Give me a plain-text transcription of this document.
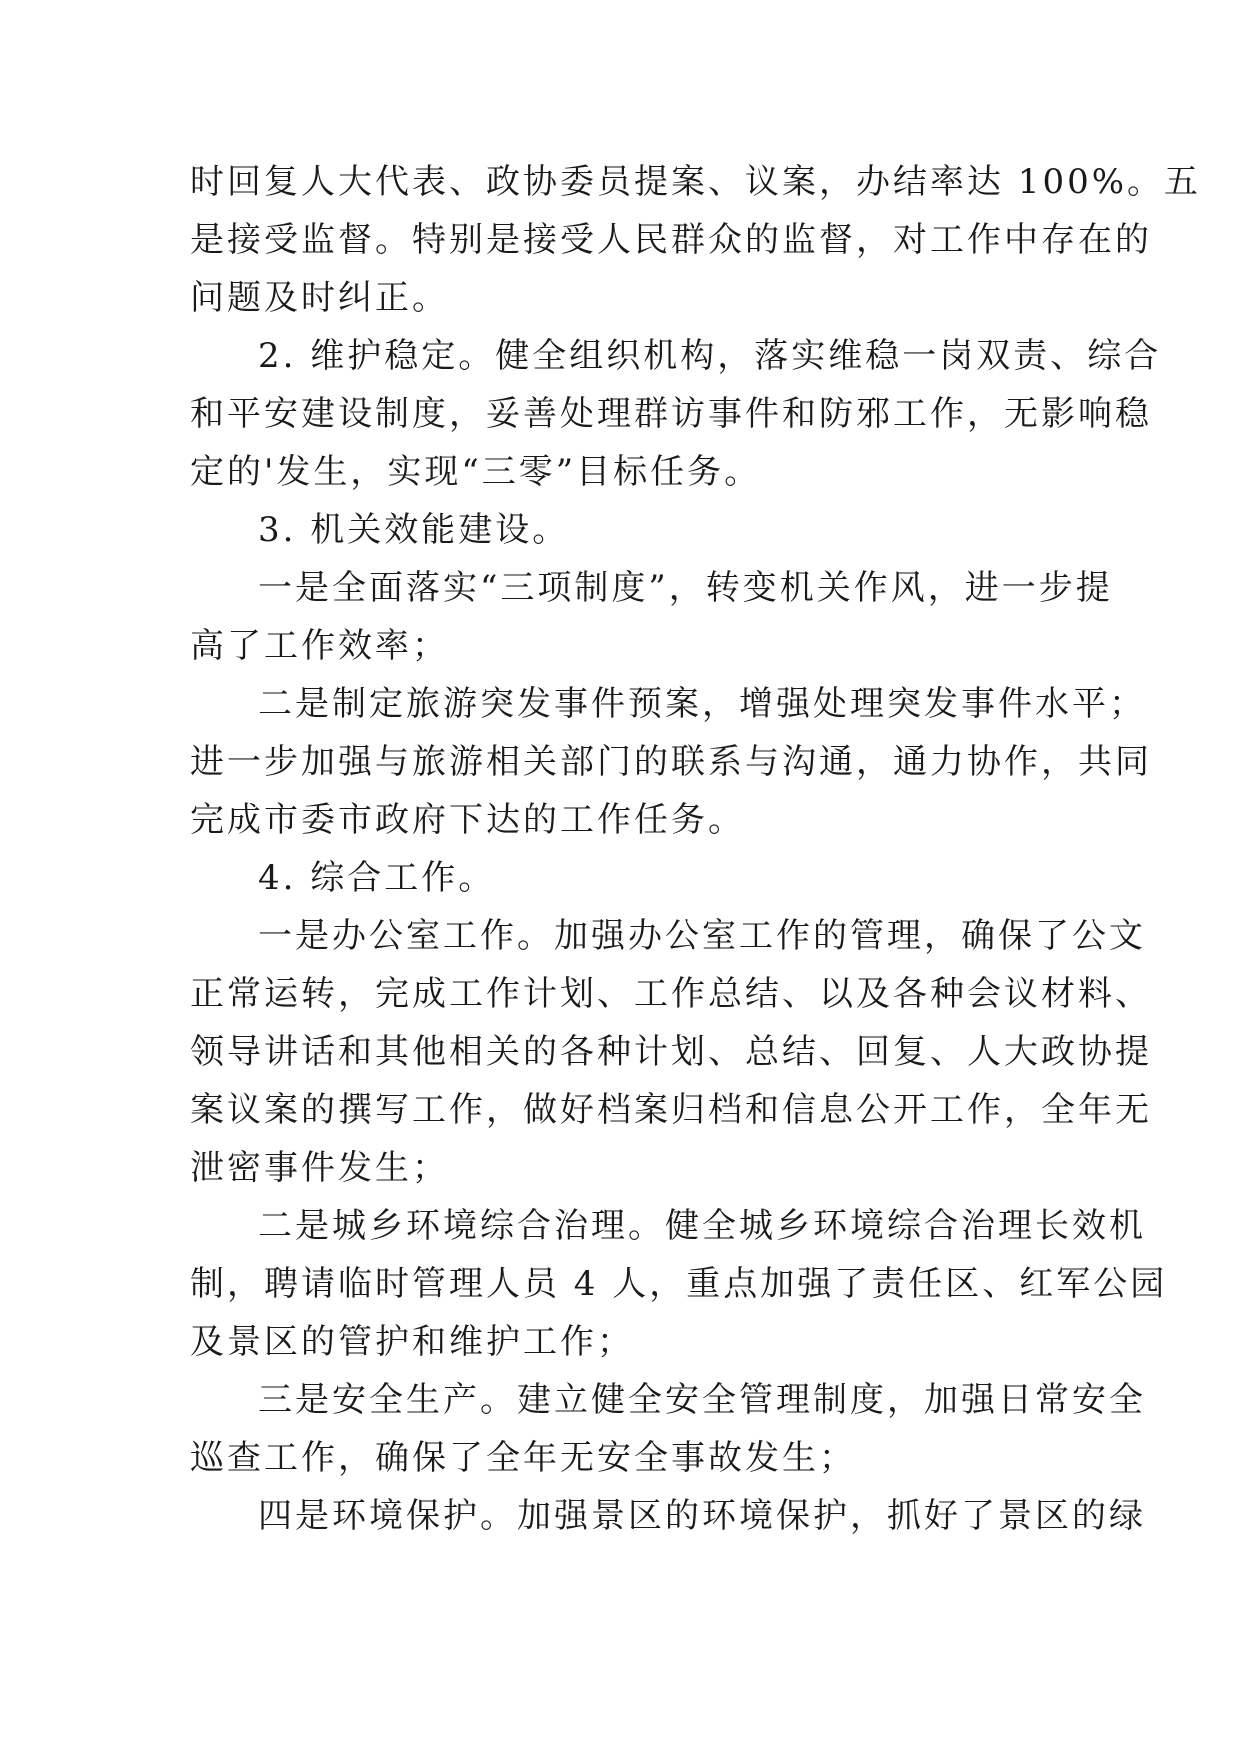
时回复人大代表、政协委员提案、议案，办结率达 100%。五
是接受监督。特别是接受人民群众的监督，对工作中存在的
问题及时纠正。
2. 维护稳定。健全组织机构，落实维稳一岗双责、综合
和平安建设制度，妥善处理群访事件和防邪工作，无影响稳
定的'发生，实现“三零”目标任务。
3. 机关效能建设。
一是全面落实“三项制度”，转变机关作风，进一步提
高了工作效率；
二是制定旅游突发事件预案，增强处理突发事件水平；
进一步加强与旅游相关部门的联系与沟通，通力协作，共同
完成市委市政府下达的工作任务。
4. 综合工作。
一是办公室工作。加强办公室工作的管理，确保了公文
正常运转，完成工作计划、工作总结、以及各种会议材料、
领导讲话和其他相关的各种计划、总结、回复、人大政协提
案议案的撰写工作，做好档案归档和信息公开工作，全年无
泄密事件发生；
二是城乡环境综合治理。健全城乡环境综合治理长效机
制，聘请临时管理人员 4 人，重点加强了责任区、红军公园
及景区的管护和维护工作；
三是安全生产。建立健全安全管理制度，加强日常安全
巡查工作，确保了全年无安全事故发生；
四是环境保护。加强景区的环境保护，抓好了景区的绿
